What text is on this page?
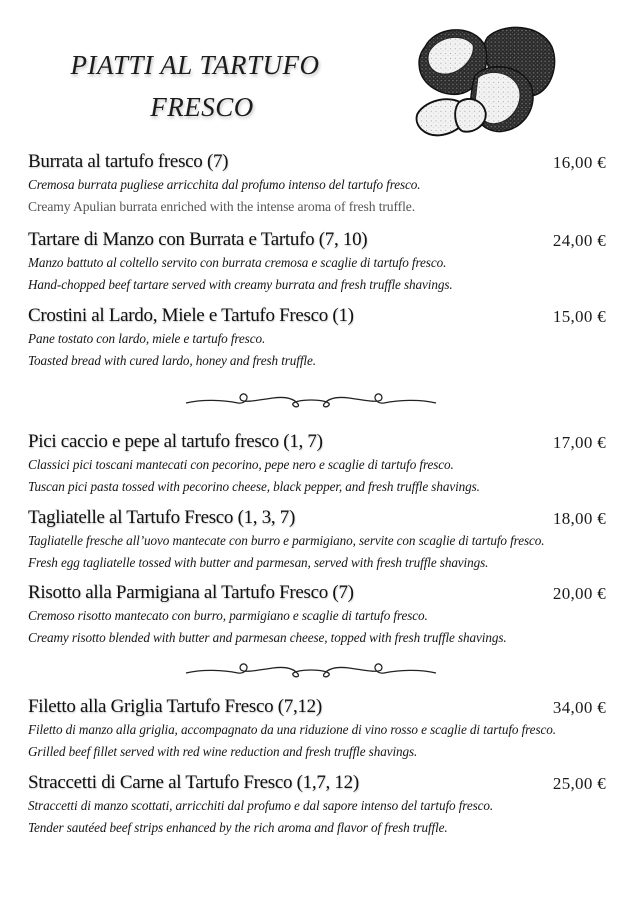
PIATTI AL TARTUFO
FRESCO
Burrata al tartufo fresco (7)	16,00 €
Cremosa burrata pugliese arricchita dal profumo intenso del tartufo fresco.
Creamy Apulian burrata enriched with the intense aroma of fresh truffle.
Tartare di Manzo con Burrata e Tartufo (7, 10)	24,00 €
Manzo battuto al coltello servito con burrata cremosa e scaglie di tartufo fresco.
Hand-chopped beef tartare served with creamy burrata and fresh truffle shavings.
Crostini al Lardo, Miele e Tartufo Fresco (1)	15,00 €
Pane tostato con lardo, miele e tartufo fresco.
Toasted bread with cured lardo, honey and fresh truffle.
Pici caccio e pepe al tartufo fresco (1, 7)	17,00 €
Classici pici toscani mantecati con pecorino, pepe nero e scaglie di tartufo fresco.
Tuscan pici pasta tossed with pecorino cheese, black pepper, and fresh truffle shavings.
Tagliatelle al Tartufo Fresco (1, 3, 7)	18,00 €
Tagliatelle fresche all’uovo mantecate con burro e parmigiano, servite con scaglie di tartufo fresco.
Fresh egg tagliatelle tossed with butter and parmesan, served with fresh truffle shavings.
Risotto alla Parmigiana al Tartufo Fresco (7)	20,00 €
Cremoso risotto mantecato con burro, parmigiano e scaglie di tartufo fresco.
Creamy risotto blended with butter and parmesan cheese, topped with fresh truffle shavings.
Filetto alla Griglia Tartufo Fresco (7,12)	34,00 €
Filetto di manzo alla griglia, accompagnato da una riduzione di vino rosso e scaglie di tartufo fresco.
Grilled beef fillet served with red wine reduction and fresh truffle shavings.
Straccetti di Carne al Tartufo Fresco (1,7, 12)	25,00 €
Straccetti di manzo scottati, arricchiti dal profumo e dal sapore intenso del tartufo fresco.
Tender sautéed beef strips enhanced by the rich aroma and flavor of fresh truffle.
